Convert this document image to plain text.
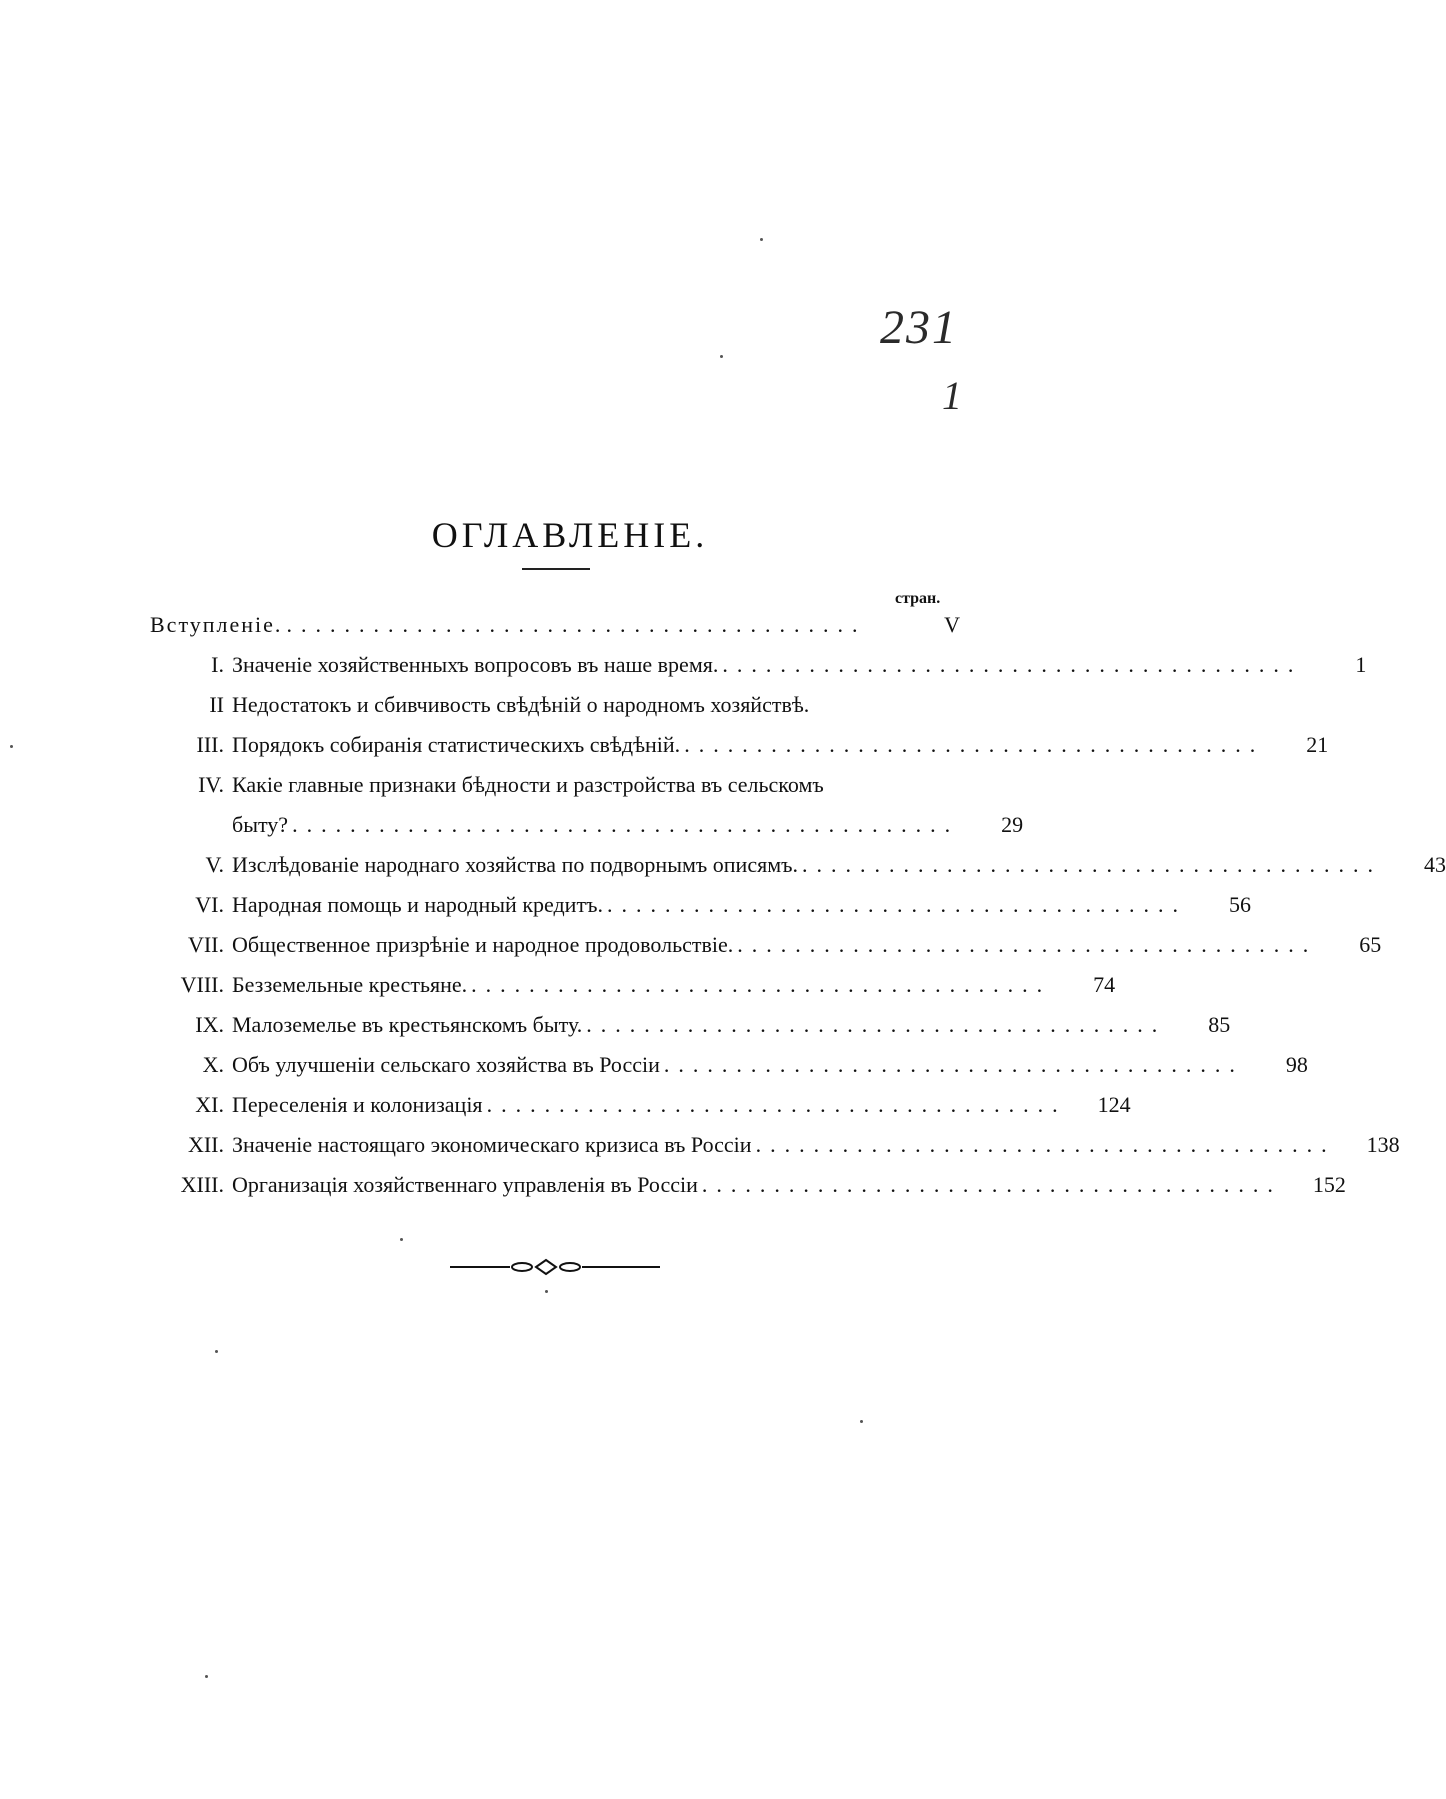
231
1
ОГЛАВЛЕНІЕ.
стран.
Вступленіе. ........................................	V
I. Значеніе хозяйственныхъ вопросовъ въ наше время. ........................................	1
II Недостатокъ и сбивчивость свѣдѣній о народномъ хозяйствѣ.
III. Порядокъ собиранія статистическихъ свѣдѣній. ........................................	21
IV. Какіе главные признаки бѣдности и разстройства въ сельскомъ
быту? ..............................................	29
V. Изслѣдованіе народнаго хозяйства по подворнымъ описямъ. ........................................	43
VI. Народная помощь и народный кредитъ. ........................................	56
VII. Общественное призрѣніе и народное продовольствіе. ........................................	65
VIII. Безземельные крестьяне. ........................................	74
IX. Малоземелье въ крестьянскомъ быту. ........................................	85
X. Объ улучшеніи сельскаго хозяйства въ Россіи ........................................	98
XI. Переселенія и колонизація ........................................	124
XII. Значеніе настоящаго экономическаго кризиса въ Россіи ........................................	138
XIII. Организація хозяйственнаго управленія въ Россіи ........................................	152
